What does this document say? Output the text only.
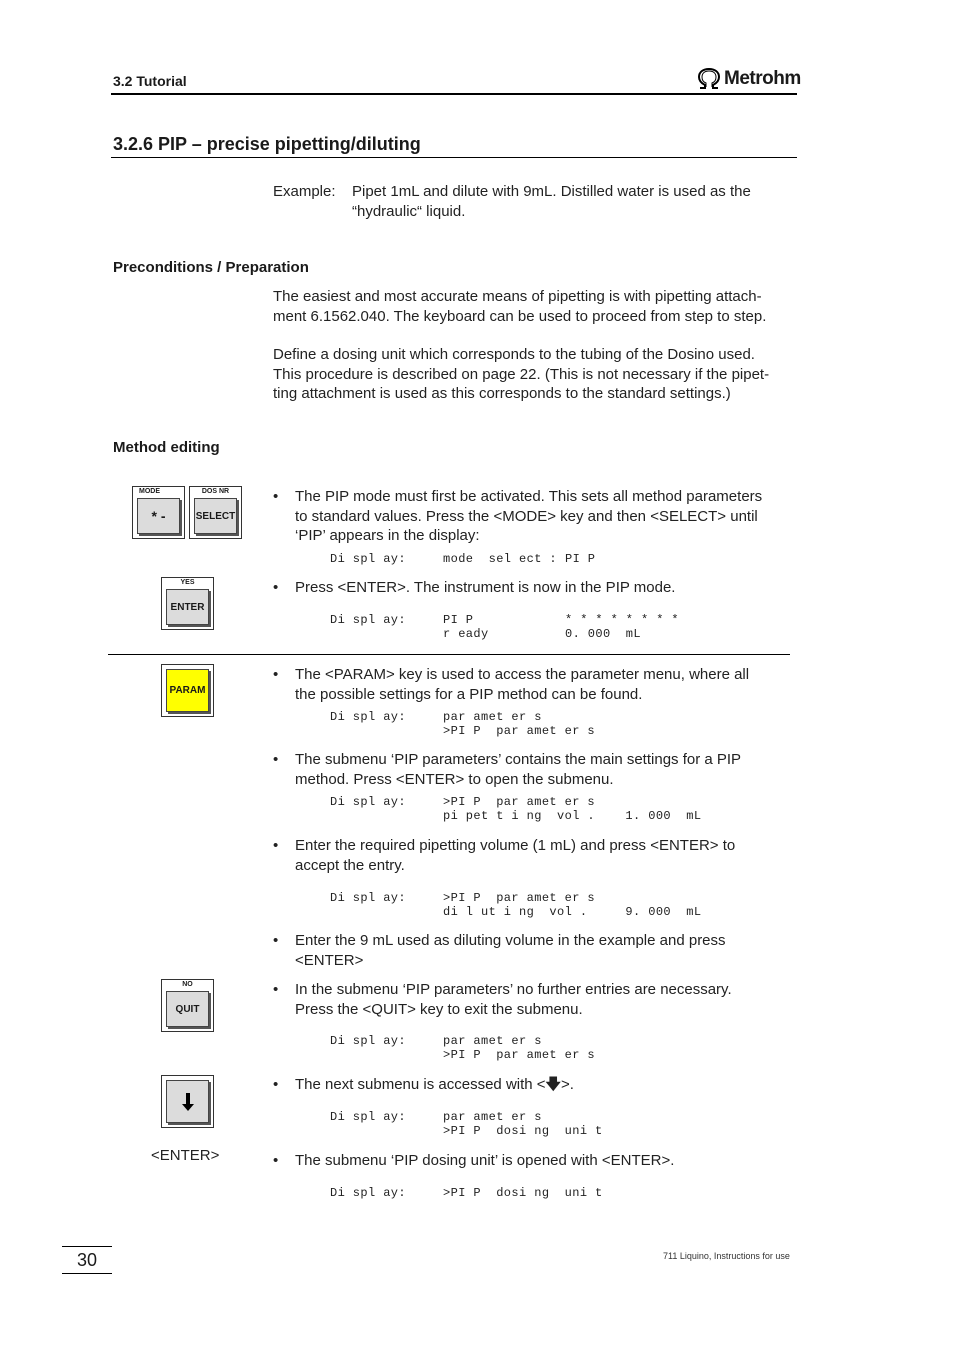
3.2 Tutorial	Metrohm
3.2.6 PIP – precise pipetting/diluting
Example: Pipet 1mL and dilute with 9mL. Distilled water is used as the
“hydraulic“ liquid.
Preconditions / Preparation
The easiest and most accurate means of pipetting is with pipetting attach-
ment 6.1562.040. The keyboard can be used to proceed from step to step.
Define a dosing unit which corresponds to the tubing of the Dosino used.
This procedure is described on page 22. (This is not necessary if the pipet-
ting attachment is used as this corresponds to the standard settings.)
Method editing
MODE
* -
DOS NR
SELECT
YES
ENTER
PARAM
NO
QUIT
<ENTER>
• The PIP mode must first be activated. This sets all method parameters
to standard values. Press the <MODE> key and then <SELECT> until
‘PIP’ appears in the display:
Di spl ay:	mode  sel ect : PI P
• Press <ENTER>. The instrument is now in the PIP mode.
Di spl ay:	PI P	* * * * * * * *
r eady	0. 000  mL
• The <PARAM> key is used to access the parameter menu, where all
the possible settings for a PIP method can be found.
Di spl ay:	par amet er s
>PI P  par amet er s
• The submenu ‘PIP parameters’ contains the main settings for a PIP
method. Press <ENTER> to open the submenu.
Di spl ay:	>PI P  par amet er s
pi pet t i ng  vol .    1. 000  mL
• Enter the required pipetting volume (1 mL) and press <ENTER> to
accept the entry.
Di spl ay:	>PI P  par amet er s
di l ut i ng  vol .     9. 000  mL
• Enter the 9 mL used as diluting volume in the example and press
<ENTER>
• In the submenu ‘PIP parameters’ no further entries are necessary.
Press the <QUIT> key to exit the submenu.
Di spl ay:	par amet er s
>PI P  par amet er s
• The next submenu is accessed with <🡇>.
Di spl ay:	par amet er s
>PI P  dosi ng  uni t
• The submenu ‘PIP dosing unit’ is opened with <ENTER>.
Di spl ay:	>PI P  dosi ng  uni t
30	711 Liquino, Instructions for use
